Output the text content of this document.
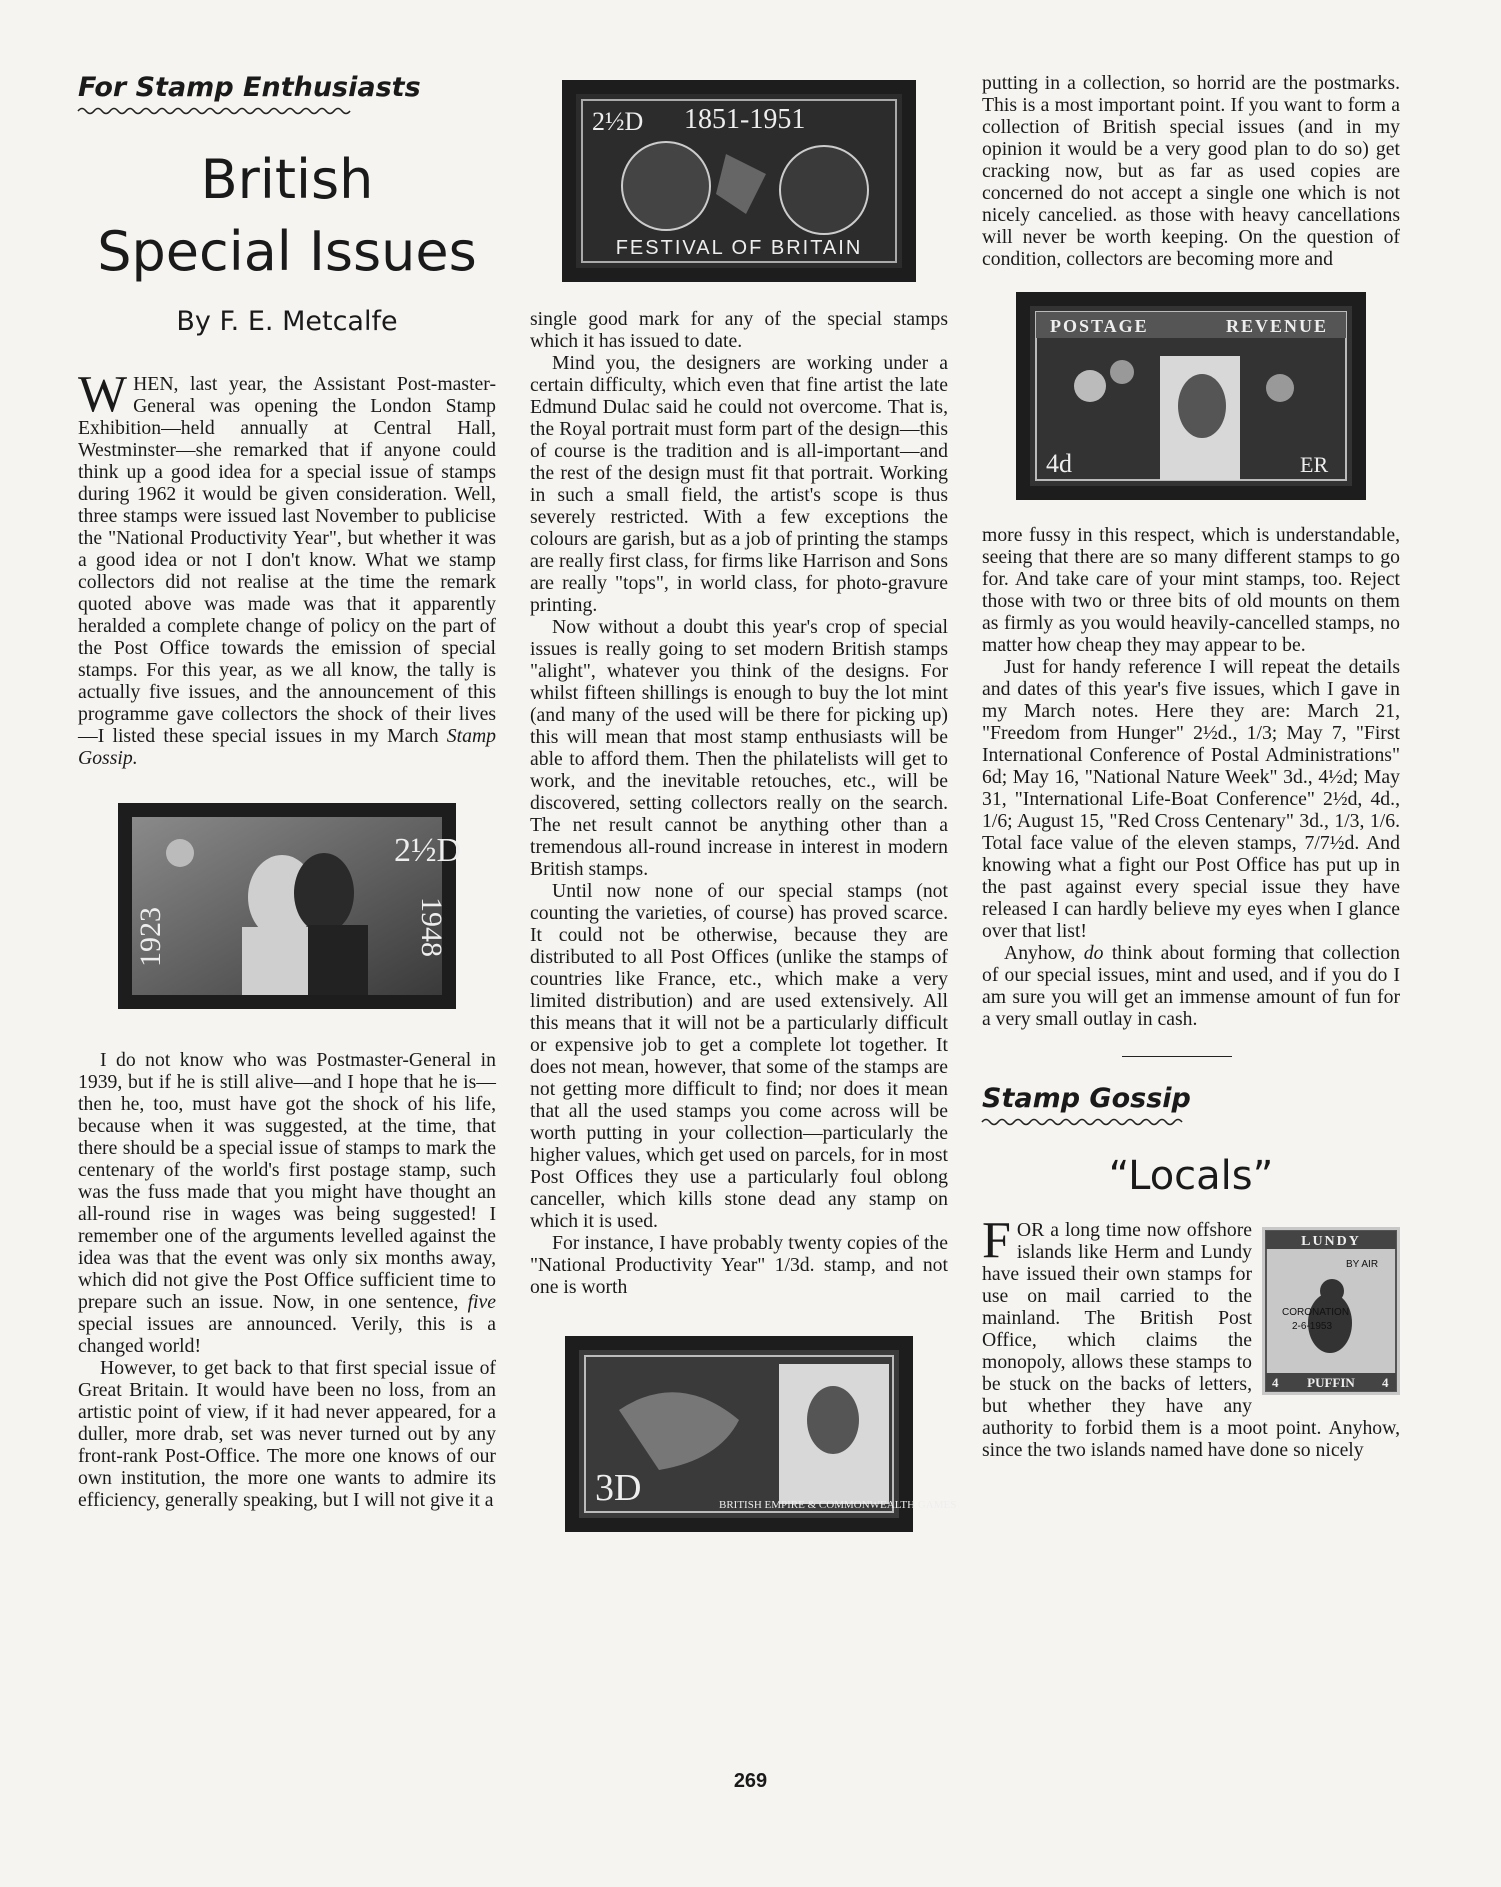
For Stamp Enthusiasts
British
Special Issues
By F. E. Metcalfe

WHEN, last year, the Assistant Post-master-General was opening the London Stamp Exhibition—held annually at Central Hall, Westminster—she remarked that if anyone could think up a good idea for a special issue of stamps during 1962 it would be given consideration. Well, three stamps were issued last November to publicise the "National Productivity Year", but whether it was a good idea or not I don't know. What we stamp collectors did not realise at the time the remark quoted above was made was that it apparently heralded a complete change of policy on the part of the Post Office towards the emission of special stamps. For this year, as we all know, the tally is actually five issues, and the announcement of this programme gave collectors the shock of their lives—I listed these special issues in my March Stamp Gossip.

1923	1948
2½D

I do not know who was Postmaster-General in 1939, but if he is still alive—and I hope that he is—then he, too, must have got the shock of his life, because when it was suggested, at the time, that there should be a special issue of stamps to mark the centenary of the world's first postage stamp, such was the fuss made that you might have thought an all-round rise in wages was being suggested! I remember one of the arguments levelled against the idea was that the event was only six months away, which did not give the Post Office sufficient time to prepare such an issue. Now, in one sentence, five special issues are announced. Verily, this is a changed world!

However, to get back to that first special issue of Great Britain. It would have been no loss, from an artistic point of view, if it had never appeared, for a duller, more drab, set was never turned out by any front-rank Post-Office. The more one knows of our own institution, the more one wants to admire its efficiency, generally speaking, but I will not give it a

2½D 1851-1951
FESTIVAL OF BRITAIN

single good mark for any of the special stamps which it has issued to date.

Mind you, the designers are working under a certain difficulty, which even that fine artist the late Edmund Dulac said he could not overcome. That is, the Royal portrait must form part of the design—this of course is the tradition and is all-important—and the rest of the design must fit that portrait. Working in such a small field, the artist's scope is thus severely restricted. With a few exceptions the colours are garish, but as a job of printing the stamps are really first class, for firms like Harrison and Sons are really "tops", in world class, for photo-gravure printing.

Now without a doubt this year's crop of special issues is really going to set modern British stamps "alight", whatever you think of the designs. For whilst fifteen shillings is enough to buy the lot mint (and many of the used will be there for picking up) this will mean that most stamp enthusiasts will be able to afford them. Then the philatelists will get to work, and the inevitable retouches, etc., will be discovered, setting collectors really on the search. The net result cannot be anything other than a tremendous all-round increase in interest in modern British stamps.

Until now none of our special stamps (not counting the varieties, of course) has proved scarce. It could not be otherwise, because they are distributed to all Post Offices (unlike the stamps of countries like France, etc., which make a very limited distribution) and are used extensively. All this means that it will not be a particularly difficult or expensive job to get a complete lot together. It does not mean, however, that some of the stamps are not getting more difficult to find; nor does it mean that all the used stamps you come across will be worth putting in your collection—particularly the higher values, which get used on parcels, for in most Post Offices they use a particularly foul oblong canceller, which kills stone dead any stamp on which it is used.

For instance, I have probably twenty copies of the "National Productivity Year" 1/3d. stamp, and not one is worth

3D	BRITISH EMPIRE & COMMONWEALTH GAMES

putting in a collection, so horrid are the postmarks. This is a most important point. If you want to form a collection of British special issues (and in my opinion it would be a very good plan to do so) get cracking now, but as far as used copies are concerned do not accept a single one which is not nicely cancelied. as those with heavy cancellations will never be worth keeping. On the question of condition, collectors are becoming more and

POSTAGE	REVENUE
4d	ER

more fussy in this respect, which is understandable, seeing that there are so many different stamps to go for. And take care of your mint stamps, too. Reject those with two or three bits of old mounts on them as firmly as you would heavily-cancelled stamps, no matter how cheap they may appear to be.

Just for handy reference I will repeat the details and dates of this year's five issues, which I gave in my March notes. Here they are: March 21, "Freedom from Hunger" 2½d., 1/3; May 7, "First International Conference of Postal Administrations" 6d; May 16, "National Nature Week" 3d., 4½d; May 31, "International Life-Boat Conference" 2½d, 4d., 1/6; August 15, "Red Cross Centenary" 3d., 1/3, 1/6. Total face value of the eleven stamps, 7/7½d. And knowing what a fight our Post Office has put up in the past against every special issue they have released I can hardly believe my eyes when I glance over that list!

Anyhow, do think about forming that collection of our special issues, mint and used, and if you do I am sure you will get an immense amount of fun for a very small outlay in cash.

Stamp Gossip
“Locals”

F	LUNDY
BY AIR
CORONATION
2-6-1953
PUFFIN
4	4
OR a long time now offshore islands like Herm and Lundy have issued their own stamps for use on mail carried to the mainland. The British Post Office, which claims the monopoly, allows these stamps to be stuck on the backs of letters, but whether they have any authority to forbid them is a moot point. Anyhow, since the two islands named have done so nicely

269
